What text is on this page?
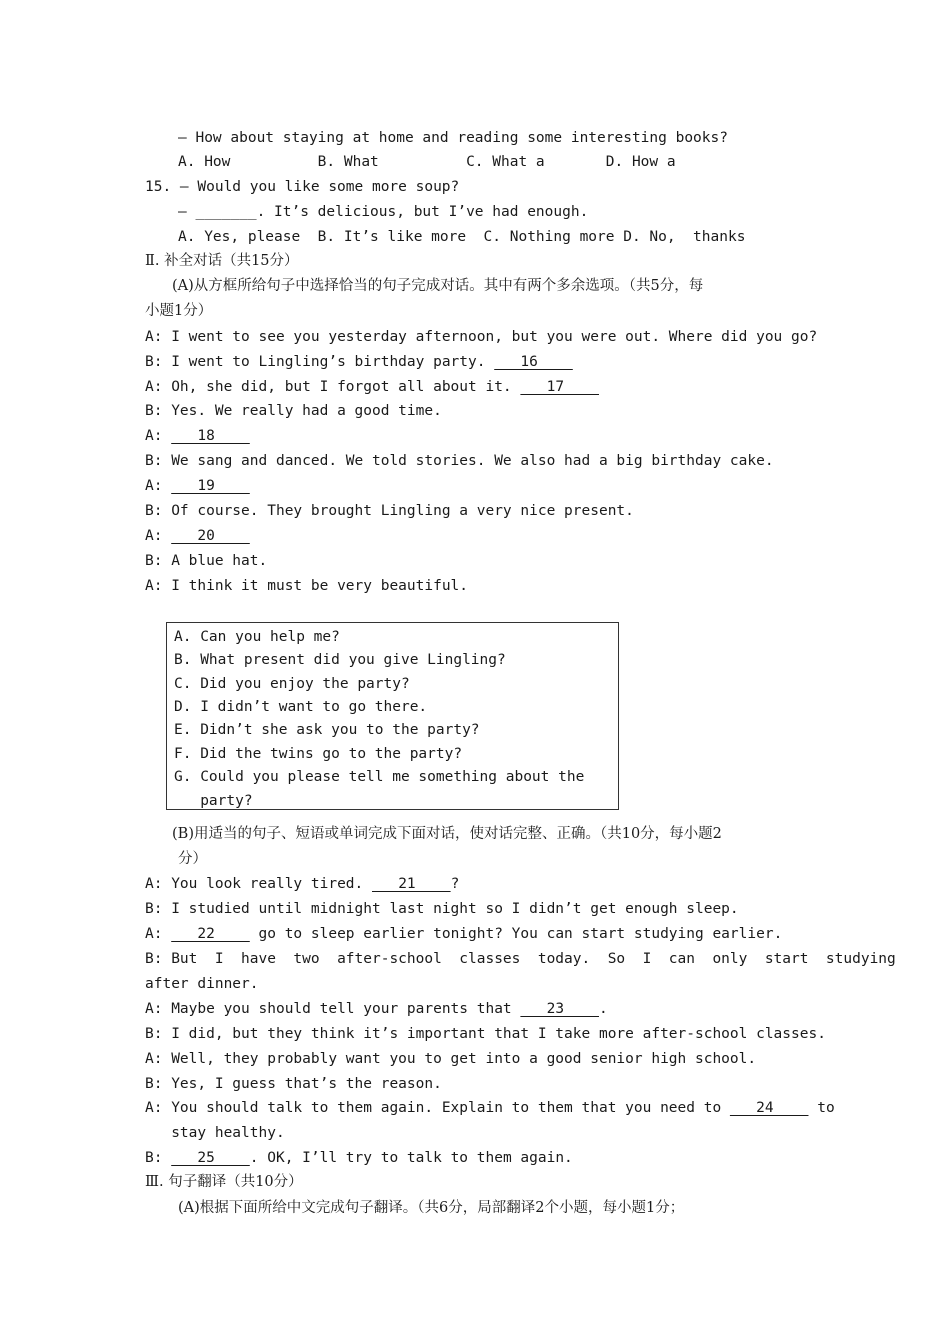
— How about staying at home and reading some interesting books?
A. How          B. What          C. What a       D. How a
15. — Would you like some more soup?
— _______. It’s delicious, but I’ve had enough.
A. Yes, please  B. It’s like more  C. Nothing more D. No,  thanks
Ⅱ. 补全对话（共15分）
(A)从方框所给句子中选择恰当的句子完成对话。其中有两个多余选项。（共5分，每
小题1分）
A: I went to see you yesterday afternoon, but you were out. Where did you go?
B: I went to Lingling’s birthday party.    16
A: Oh, she did, but I forgot all about it.    17
B: Yes. We really had a good time.
A:    18
B: We sang and danced. We told stories. We also had a big birthday cake.
A:    19
B: Of course. They brought Lingling a very nice present.
A:    20
B: A blue hat.
A: I think it must be very beautiful.
A. Can you help me?
B. What present did you give Lingling?
C. Did you enjoy the party?
D. I didn’t want to go there.
E. Didn’t she ask you to the party?
F. Did the twins go to the party?
G. Could you please tell me something about the
party?
(B)用适当的句子、短语或单词完成下面对话，使对话完整、正确。（共10分，每小题2
分）
A: You look really tired.    21    ?
B: I studied until midnight last night so I didn’t get enough sleep.
A:    22     go to sleep earlier tonight? You can start studying earlier.
B: But  I  have  two  after-school  classes  today.  So  I  can  only  start  studying
after dinner.
A: Maybe you should tell your parents that    23    .
B: I did, but they think it’s important that I take more after-school classes.
A: Well, they probably want you to get into a good senior high school.
B: Yes, I guess that’s the reason.
A: You should talk to them again. Explain to them that you need to    24     to
stay healthy.
B:    25    . OK, I’ll try to talk to them again.
Ⅲ. 句子翻译（共10分）
(A)根据下面所给中文完成句子翻译。（共6分，局部翻译2个小题，每小题1分；
